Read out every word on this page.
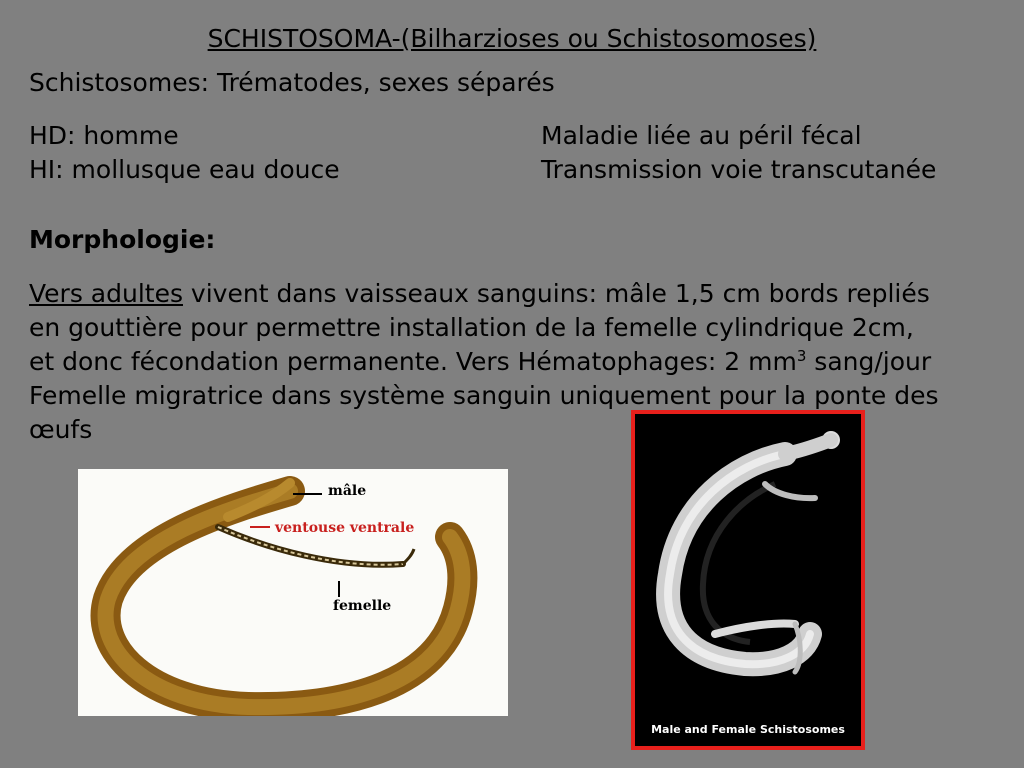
SCHISTOSOMA-(Bilharzioses ou Schistosomoses)
Schistosomes: Trématodes, sexes séparés
HD: homme
HI: mollusque eau douce
Maladie liée au péril fécal
Transmission voie transcutanée
Morphologie:
Vers adultes vivent dans vaisseaux sanguins: mâle 1,5 cm bords repliés
en gouttière pour permettre installation de la femelle cylindrique 2cm,
et donc fécondation permanente. Vers Hématophages: 2 $mm^3$ sang/jour
Femelle migratrice dans système sanguin uniquement pour la ponte des
œufs
mâle
ventouse ventrale
femelle
Male and Female Schistosomes
